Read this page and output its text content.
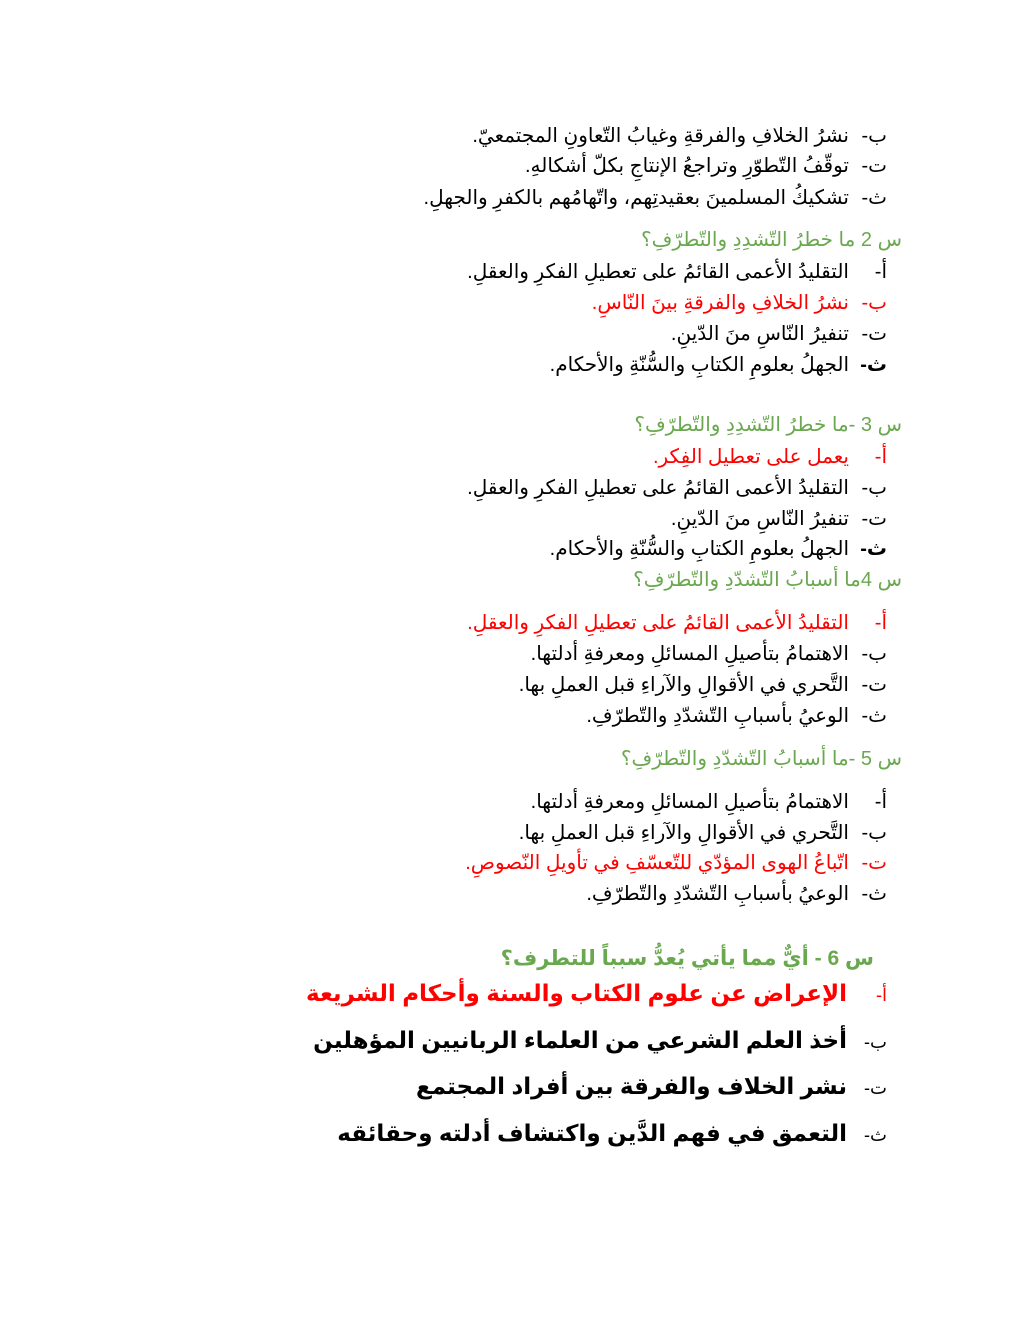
ب-نشرُ الخلافِ والفرقةِ وغيابُ التّعاونِ المجتمعيّ.
ت-توقّفُ التّطوّرِ وتراجعُ الإنتاجِ بكلّ أشكالهِ.
ث-تشكيكُ المسلمينَ بعقيدتِهم، واتّهامُهم بالكفرِ والجهلِ.
س 2 ما خطرُ التّشدِدِ والتّطرّفِ؟
أ-التقليدُ الأعمى القائمُ على تعطيلِ الفكرِ والعقلِ.
ب-نشرُ الخلافِ والفرقةِ بينَ النّاسِ.
ت-تنفيرُ النّاسِ منَ الدّينِ.
ث-الجهلُ بعلومِ الكتابِ والسُّنّةِ والأحكام.
س 3 -ما خطرُ التّشدِدِ والتّطرّفِ؟
أ-يعمل على تعطيل الفِكر.
ب-التقليدُ الأعمى القائمُ على تعطيلِ الفكرِ والعقلِ.
ت-تنفيرُ النّاسِ منَ الدّينِ.
ث-الجهلُ بعلومِ الكتابِ والسُّنّةِ والأحكام.
س 4ما أسبابُ التّشدّدِ والتّطرّفِ؟
أ-التقليدُ الأعمى القائمُ على تعطيلِ الفكرِ والعقلِ.
ب-الاهتمامُ بتأصيلِ المسائلِ ومعرفةِ أدلتها.
ت-التَّحري في الأقوالِ والآراءِ قبل العملِ بها.
ث-الوعيُ بأسبابِ التّشدّدِ والتّطرّفِ.
س 5 -ما أسبابُ التّشدّدِ والتّطرّفِ؟
أ-الاهتمامُ بتأصيلِ المسائلِ ومعرفةِ أدلتها.
ب-التَّحري في الأقوالِ والآراءِ قبل العملِ بها.
ت-اتّباعُ الهوى المؤدّي للتّعسّفِ في تأويلِ النّصوصِ.
ث-الوعيُ بأسبابِ التّشدّدِ والتّطرّفِ.
س 6 - أيٌّ مما يأتي يُعدُّ سبباً للتطرف؟
أ-الإعراض عن علوم الكتاب والسنة وأحكام الشريعة
ب-أخذ العلم الشرعي من العلماء الربانيين المؤهلين
ت-نشر الخلاف والفرقة بين أفراد المجتمع
ث-التعمق في فهم الدَّين واكتشاف أدلته وحقائقه
